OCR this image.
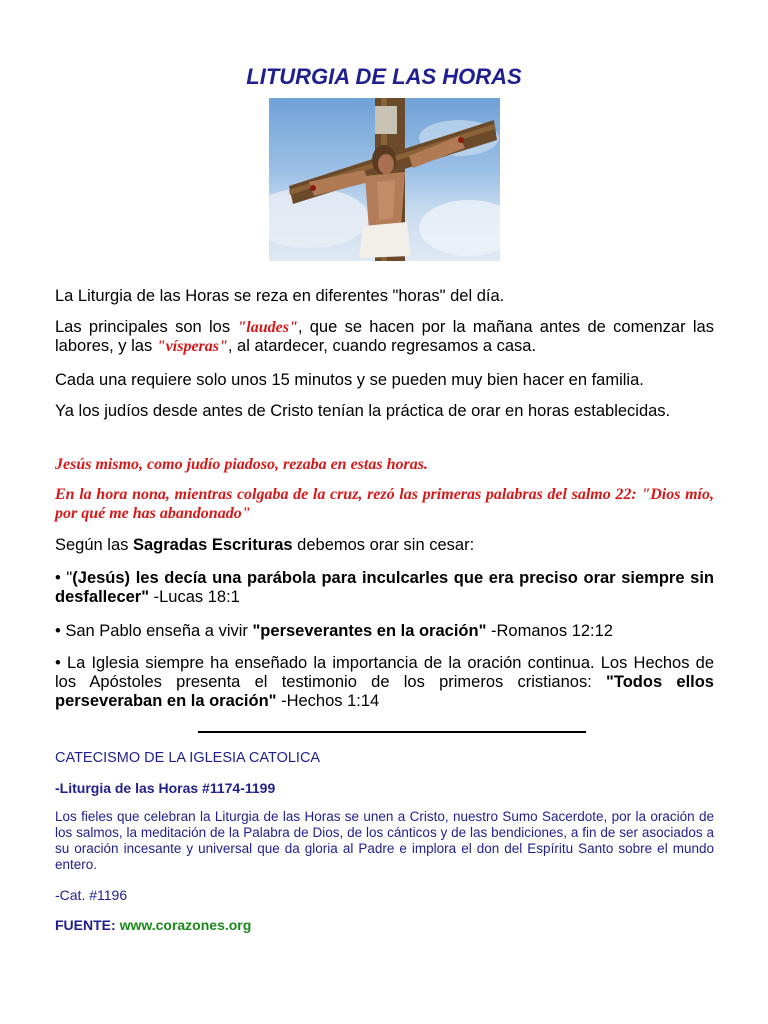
LITURGIA DE LAS HORAS

La Liturgia de las Horas se reza en diferentes "horas" del día.

Las principales son los "laudes", que se hacen por la mañana antes de comenzar las labores, y las "vísperas", al atardecer, cuando regresamos a casa.

Cada una requiere solo unos 15 minutos y se pueden muy bien hacer en familia.

Ya los judíos desde antes de Cristo tenían la práctica de orar en horas establecidas.

Jesús mismo, como judío piadoso, rezaba en estas horas.

En la hora nona, mientras colgaba de la cruz, rezó las primeras palabras del salmo 22: "Dios mío, por qué me has abandonado"

Según las Sagradas Escrituras debemos orar sin cesar:

• "(Jesús) les decía una parábola para inculcarles que era preciso orar siempre sin desfallecer" -Lucas 18:1

• San Pablo enseña a vivir "perseverantes en la oración" -Romanos 12:12

• La Iglesia siempre ha enseñado la importancia de la oración continua. Los Hechos de los Apóstoles presenta el testimonio de los primeros cristianos: "Todos ellos perseveraban en la oración" -Hechos 1:14

CATECISMO DE LA IGLESIA CATOLICA

-Liturgia de las Horas #1174-1199

Los fieles que celebran la Liturgia de las Horas se unen a Cristo, nuestro Sumo Sacerdote, por la oración de los salmos, la meditación de la Palabra de Dios, de los cánticos y de las bendiciones, a fin de ser asociados a su oración incesante y universal que da gloria al Padre e implora el don del Espíritu Santo sobre el mundo entero.

-Cat. #1196

FUENTE: www.corazones.org
